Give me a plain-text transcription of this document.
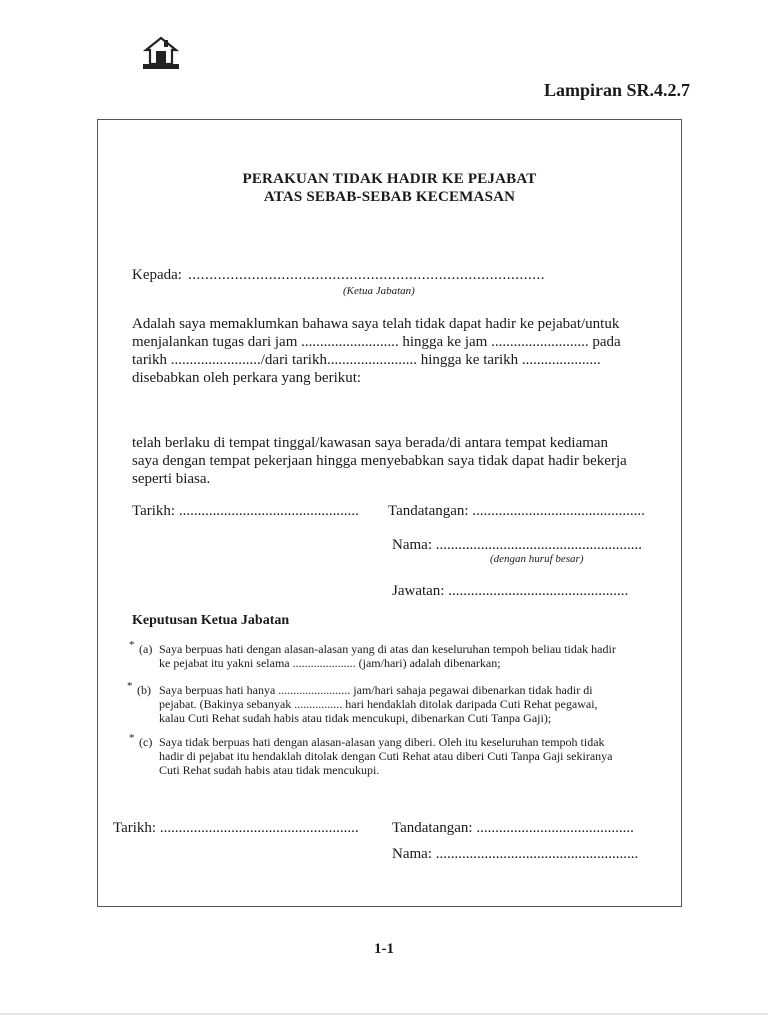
Lampiran SR.4.2.7
PERAKUAN TIDAK HADIR KE PEJABAT
ATAS SEBAB-SEBAB KECEMASAN
Kepada: ....................................................................................
(Ketua Jabatan)
Adalah saya memaklumkan bahawa saya telah tidak dapat hadir ke pejabat/untuk
menjalankan tugas dari jam .......................... hingga ke jam .......................... pada
tarikh ......................../dari tarikh........................ hingga ke tarikh .....................
disebabkan oleh perkara yang berikut:
telah berlaku di tempat tinggal/kawasan saya berada/di antara tempat kediaman
saya dengan tempat pekerjaan hingga menyebabkan saya tidak dapat hadir bekerja
seperti biasa.
Tarikh: ................................................ Tandatangan: ..............................................
Nama: .......................................................
(dengan huruf besar)
Jawatan: ................................................
Keputusan Ketua Jabatan
* (a) Saya berpuas hati dengan alasan-alasan yang di atas dan keseluruhan tempoh beliau tidak hadir
ke pejabat itu yakni selama ..................... (jam/hari) adalah dibenarkan;
* (b) Saya berpuas hati hanya ........................ jam/hari sahaja pegawai dibenarkan tidak hadir di
pejabat. (Bakinya sebanyak ................ hari hendaklah ditolak daripada Cuti Rehat pegawai,
kalau Cuti Rehat sudah habis atau tidak mencukupi, dibenarkan Cuti Tanpa Gaji);
* (c) Saya tidak berpuas hati dengan alasan-alasan yang diberi. Oleh itu keseluruhan tempoh tidak
hadir di pejabat itu hendaklah ditolak dengan Cuti Rehat atau diberi Cuti Tanpa Gaji sekiranya
Cuti Rehat sudah habis atau tidak mencukupi.
Tarikh: ..................................................... Tandatangan: ..........................................
Nama: ......................................................
1-1
